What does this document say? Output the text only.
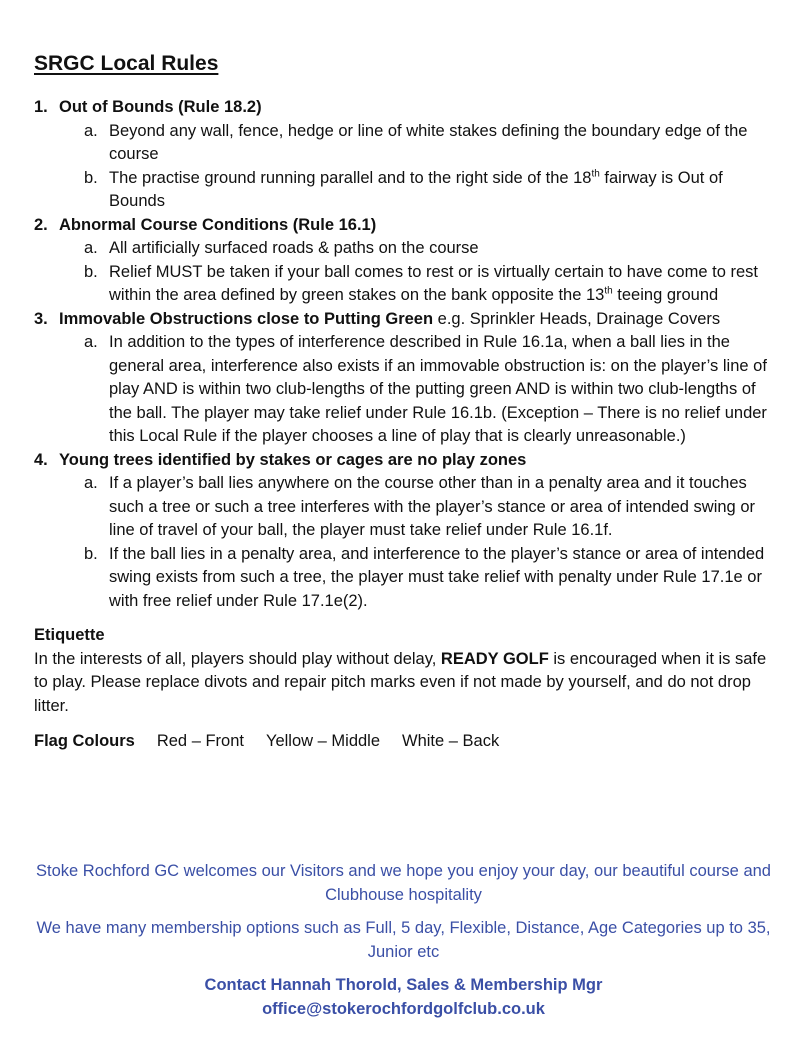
SRGC Local Rules
1. Out of Bounds (Rule 18.2)
a. Beyond any wall, fence, hedge or line of white stakes defining the boundary edge of the course
b. The practise ground running parallel and to the right side of the 18th fairway is Out of Bounds
2. Abnormal Course Conditions (Rule 16.1)
a. All artificially surfaced roads & paths on the course
b. Relief MUST be taken if your ball comes to rest or is virtually certain to have come to rest within the area defined by green stakes on the bank opposite the 13th teeing ground
3. Immovable Obstructions close to Putting Green e.g. Sprinkler Heads, Drainage Covers
a. In addition to the types of interference described in Rule 16.1a, when a ball lies in the general area, interference also exists if an immovable obstruction is: on the player’s line of play AND is within two club-lengths of the putting green AND is within two club-lengths of the ball. The player may take relief under Rule 16.1b. (Exception – There is no relief under this Local Rule if the player chooses a line of play that is clearly unreasonable.)
4. Young trees identified by stakes or cages are no play zones
a. If a player’s ball lies anywhere on the course other than in a penalty area and it touches such a tree or such a tree interferes with the player’s stance or area of intended swing or line of travel of your ball, the player must take relief under Rule 16.1f.
b. If the ball lies in a penalty area, and interference to the player’s stance or area of intended swing exists from such a tree, the player must take relief with penalty under Rule 17.1e or with free relief under Rule 17.1e(2).
Etiquette
In the interests of all, players should play without delay, READY GOLF is encouraged when it is safe to play. Please replace divots and repair pitch marks even if not made by yourself, and do not drop litter.
Flag Colours Red – Front Yellow – Middle White – Back

Stoke Rochford GC welcomes our Visitors and we hope you enjoy your day, our beautiful course and Clubhouse hospitality

We have many membership options such as Full, 5 day, Flexible, Distance, Age Categories up to 35, Junior etc

Contact Hannah Thorold, Sales & Membership Mgr

office@stokerochfordgolfclub.co.uk
